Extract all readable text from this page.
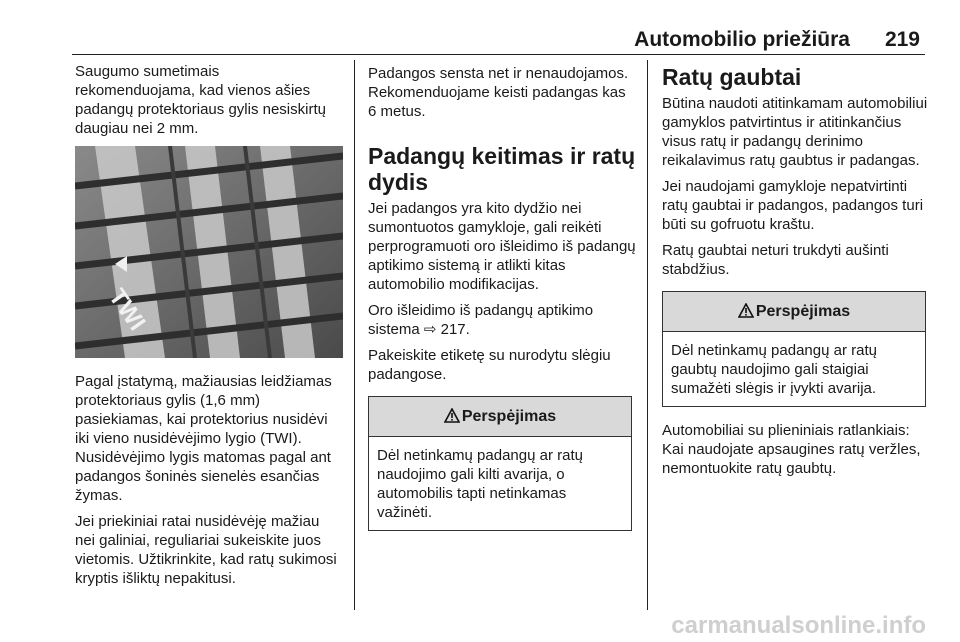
Automobilio priežiūra 219

Saugumo sumetimais rekomenduojama, kad vienos ašies padangų protektoriaus gylis nesiskirtų daugiau nei 2 mm.

TWI

Pagal įstatymą, mažiausias leidžiamas protektoriaus gylis (1,6 mm) pasiekiamas, kai protektorius nusidėvi iki vieno nusidėvėjimo lygio (TWI). Nusidėvėjimo lygis matomas pagal ant padangos šoninės sienelės esančias žymas.

Jei priekiniai ratai nusidėvėję mažiau nei galiniai, reguliariai sukeiskite juos vietomis. Užtikrinkite, kad ratų sukimosi kryptis išliktų nepakitusi.

Padangos sensta net ir nenaudojamos. Rekomenduojame keisti padangas kas 6 metus.

Padangų keitimas ir ratų dydis

Jei padangos yra kito dydžio nei sumontuotos gamykloje, gali reikėti perprogramuoti oro išleidimo iš padangų aptikimo sistemą ir atlikti kitas automobilio modifikacijas.

Oro išleidimo iš padangų aptikimo sistema ⇨ 217.

Pakeiskite etiketę su nurodytu slėgiu padangose.

Perspėjimas
Dėl netinkamų padangų ar ratų naudojimo gali kilti avarija, o automobilis tapti netinkamas važinėti.
Ratų gaubtai

Būtina naudoti atitinkamam automobiliui gamyklos patvirtintus ir atitinkančius visus ratų ir padangų derinimo reikalavimus ratų gaubtus ir padangas.

Jei naudojami gamykloje nepatvirtinti ratų gaubtai ir padangos, padangos turi būti su gofruotu kraštu.

Ratų gaubtai neturi trukdyti aušinti stabdžius.

Perspėjimas
Dėl netinkamų padangų ar ratų gaubtų naudojimo gali staigiai sumažėti slėgis ir įvykti avarija.

Automobiliai su plieniniais ratlankiais: Kai naudojate apsaugines ratų veržles, nemontuokite ratų gaubtų.

carmanualsonline.info
